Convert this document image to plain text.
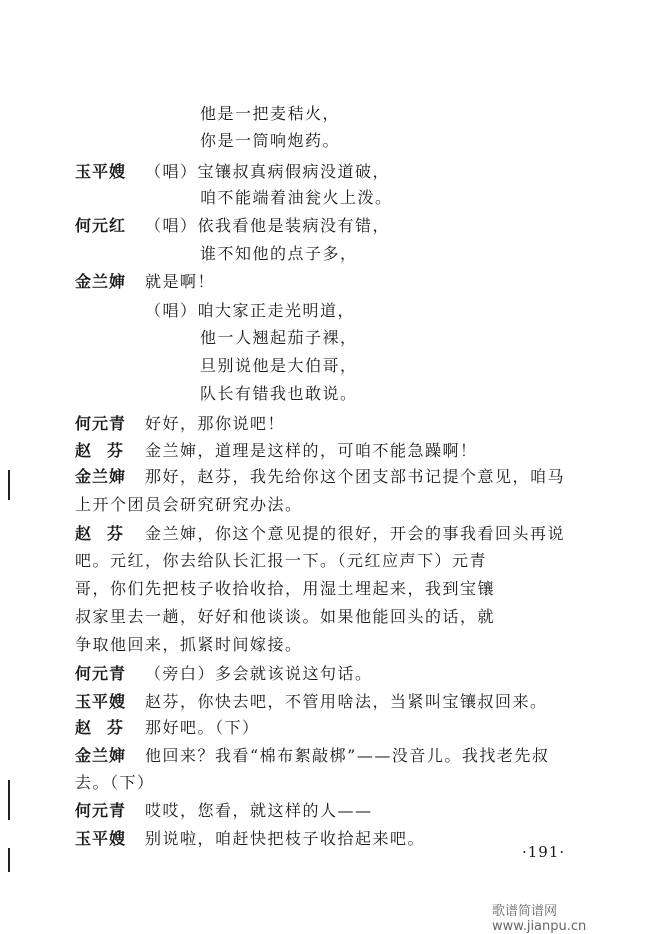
他是一把麦秸火，
你是一筒响炮药。
玉平嫂 （唱）宝镶叔真病假病没道破，
咱不能端着油瓮火上泼。
何元红 （唱）依我看他是装病没有错，
谁不知他的点子多，
金兰婶 就是啊！
（唱）咱大家正走光明道，
他一人翘起茄子裸，
旦别说他是大伯哥，
队长有错我也敢说。
何元青 好好，那你说吧！
赵芬 金兰婶，道理是这样的，可咱不能急躁啊！
金兰婶 那好，赵芬，我先给你这个团支部书记提个意见，咱马
上开个团员会研究研究办法。
赵芬 金兰婶，你这个意见提的很好，开会的事我看回头再说
吧。元红，你去给队长汇报一下。（元红应声下）元青
哥，你们先把枝子收拾收拾，用湿土埋起来，我到宝镶
叔家里去一趟，好好和他谈谈。如果他能回头的话，就
争取他回来，抓紧时间嫁接。
何元青 （旁白）多会就该说这句话。
玉平嫂 赵芬，你快去吧，不管用啥法，当紧叫宝镶叔回来。
赵芬 那好吧。（下）
金兰婶 他回来？我看“棉布絮敲梆”——没音儿。我找老先叔
去。（下）
何元青 哎哎，您看，就这样的人——
玉平嫂 别说啦，咱赶快把枝子收拾起来吧。
·191·
歌谱简谱网 www.jianpu.cn
